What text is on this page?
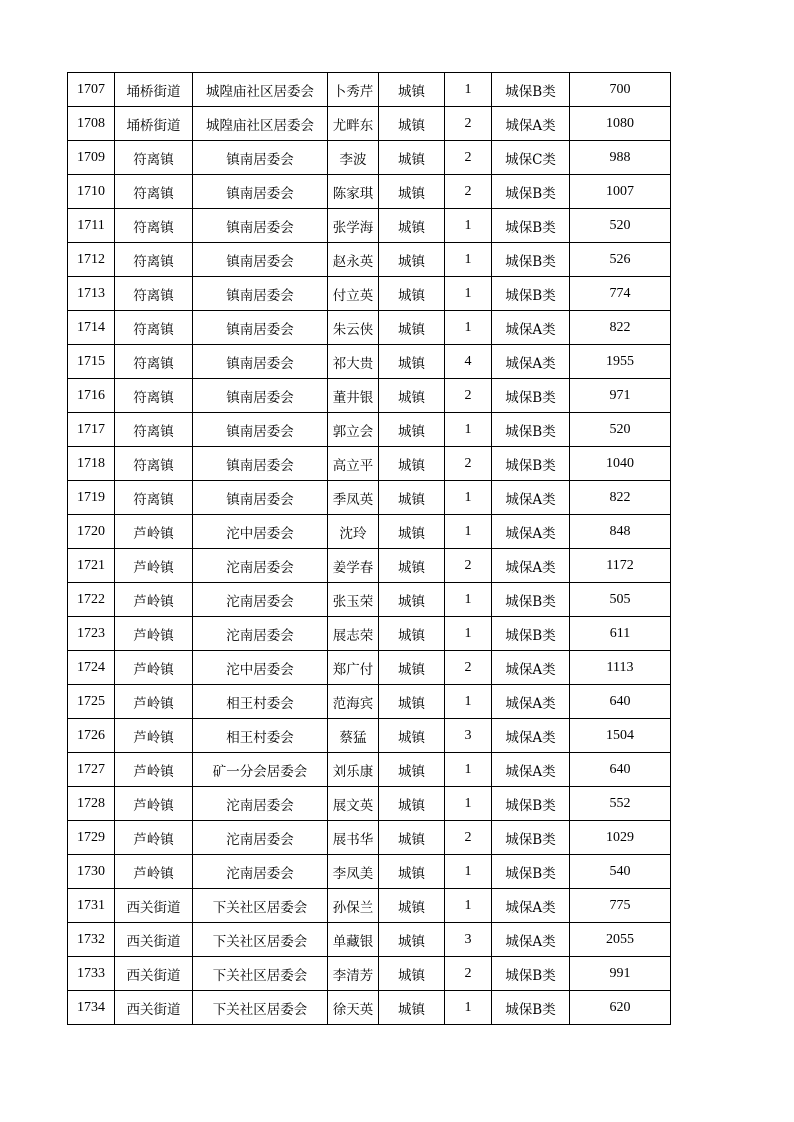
1707	埇桥街道	城隍庙社区居委会	卜秀芹	城镇	1	城保B类	700
1708	埇桥街道	城隍庙社区居委会	尤畔东	城镇	2	城保A类	1080
1709	符离镇	镇南居委会	李波	城镇	2	城保C类	988
1710	符离镇	镇南居委会	陈家琪	城镇	2	城保B类	1007
1711	符离镇	镇南居委会	张学海	城镇	1	城保B类	520
1712	符离镇	镇南居委会	赵永英	城镇	1	城保B类	526
1713	符离镇	镇南居委会	付立英	城镇	1	城保B类	774
1714	符离镇	镇南居委会	朱云侠	城镇	1	城保A类	822
1715	符离镇	镇南居委会	祁大贵	城镇	4	城保A类	1955
1716	符离镇	镇南居委会	董井银	城镇	2	城保B类	971
1717	符离镇	镇南居委会	郭立会	城镇	1	城保B类	520
1718	符离镇	镇南居委会	高立平	城镇	2	城保B类	1040
1719	符离镇	镇南居委会	季凤英	城镇	1	城保A类	822
1720	芦岭镇	沱中居委会	沈玲	城镇	1	城保A类	848
1721	芦岭镇	沱南居委会	姜学春	城镇	2	城保A类	1172
1722	芦岭镇	沱南居委会	张玉荣	城镇	1	城保B类	505
1723	芦岭镇	沱南居委会	展志荣	城镇	1	城保B类	611
1724	芦岭镇	沱中居委会	郑广付	城镇	2	城保A类	1113
1725	芦岭镇	相王村委会	范海宾	城镇	1	城保A类	640
1726	芦岭镇	相王村委会	蔡猛	城镇	3	城保A类	1504
1727	芦岭镇	矿一分会居委会	刘乐康	城镇	1	城保A类	640
1728	芦岭镇	沱南居委会	展文英	城镇	1	城保B类	552
1729	芦岭镇	沱南居委会	展书华	城镇	2	城保B类	1029
1730	芦岭镇	沱南居委会	李凤美	城镇	1	城保B类	540
1731	西关街道	下关社区居委会	孙保兰	城镇	1	城保A类	775
1732	西关街道	下关社区居委会	单藏银	城镇	3	城保A类	2055
1733	西关街道	下关社区居委会	李清芳	城镇	2	城保B类	991
1734	西关街道	下关社区居委会	徐天英	城镇	1	城保B类	620
